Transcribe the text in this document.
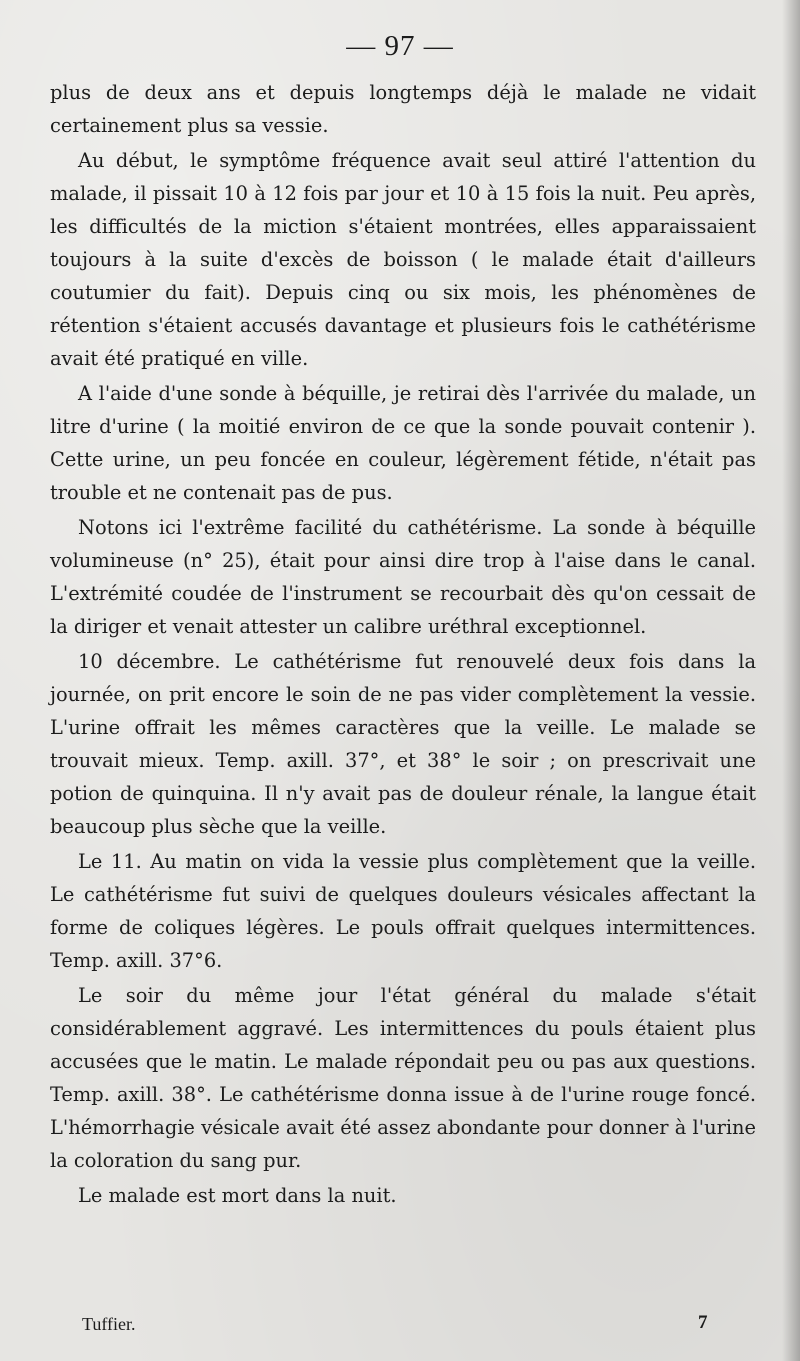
— 97 —

plus de deux ans et depuis longtemps déjà le malade ne vidait certainement plus sa vessie.

Au début, le symptôme fréquence avait seul attiré l'attention du malade, il pissait 10 à 12 fois par jour et 10 à 15 fois la nuit. Peu après, les difficultés de la miction s'étaient montrées, elles apparaissaient toujours à la suite d'excès de boisson ( le malade était d'ailleurs coutumier du fait). Depuis cinq ou six mois, les phénomènes de rétention s'étaient accusés davantage et plusieurs fois le cathétérisme avait été pratiqué en ville.

A l'aide d'une sonde à béquille, je retirai dès l'arrivée du malade, un litre d'urine ( la moitié environ de ce que la sonde pouvait contenir ). Cette urine, un peu foncée en couleur, légèrement fétide, n'était pas trouble et ne contenait pas de pus.

Notons ici l'extrême facilité du cathétérisme. La sonde à béquille volumineuse (n° 25), était pour ainsi dire trop à l'aise dans le canal. L'extrémité coudée de l'instrument se recourbait dès qu'on cessait de la diriger et venait attester un calibre uréthral exceptionnel.

10 décembre. Le cathétérisme fut renouvelé deux fois dans la journée, on prit encore le soin de ne pas vider complètement la vessie. L'urine offrait les mêmes caractères que la veille. Le malade se trouvait mieux. Temp. axill. 37°, et 38° le soir ; on prescrivait une potion de quinquina. Il n'y avait pas de douleur rénale, la langue était beaucoup plus sèche que la veille.

Le 11. Au matin on vida la vessie plus complètement que la veille. Le cathétérisme fut suivi de quelques douleurs vésicales affectant la forme de coliques légères. Le pouls offrait quelques intermittences. Temp. axill. 37°6.

Le soir du même jour l'état général du malade s'était considérablement aggravé. Les intermittences du pouls étaient plus accusées que le matin. Le malade répondait peu ou pas aux questions. Temp. axill. 38°. Le cathétérisme donna issue à de l'urine rouge foncé. L'hémorrhagie vésicale avait été assez abondante pour donner à l'urine la coloration du sang pur.

Le malade est mort dans la nuit.

Tuffier.	7
